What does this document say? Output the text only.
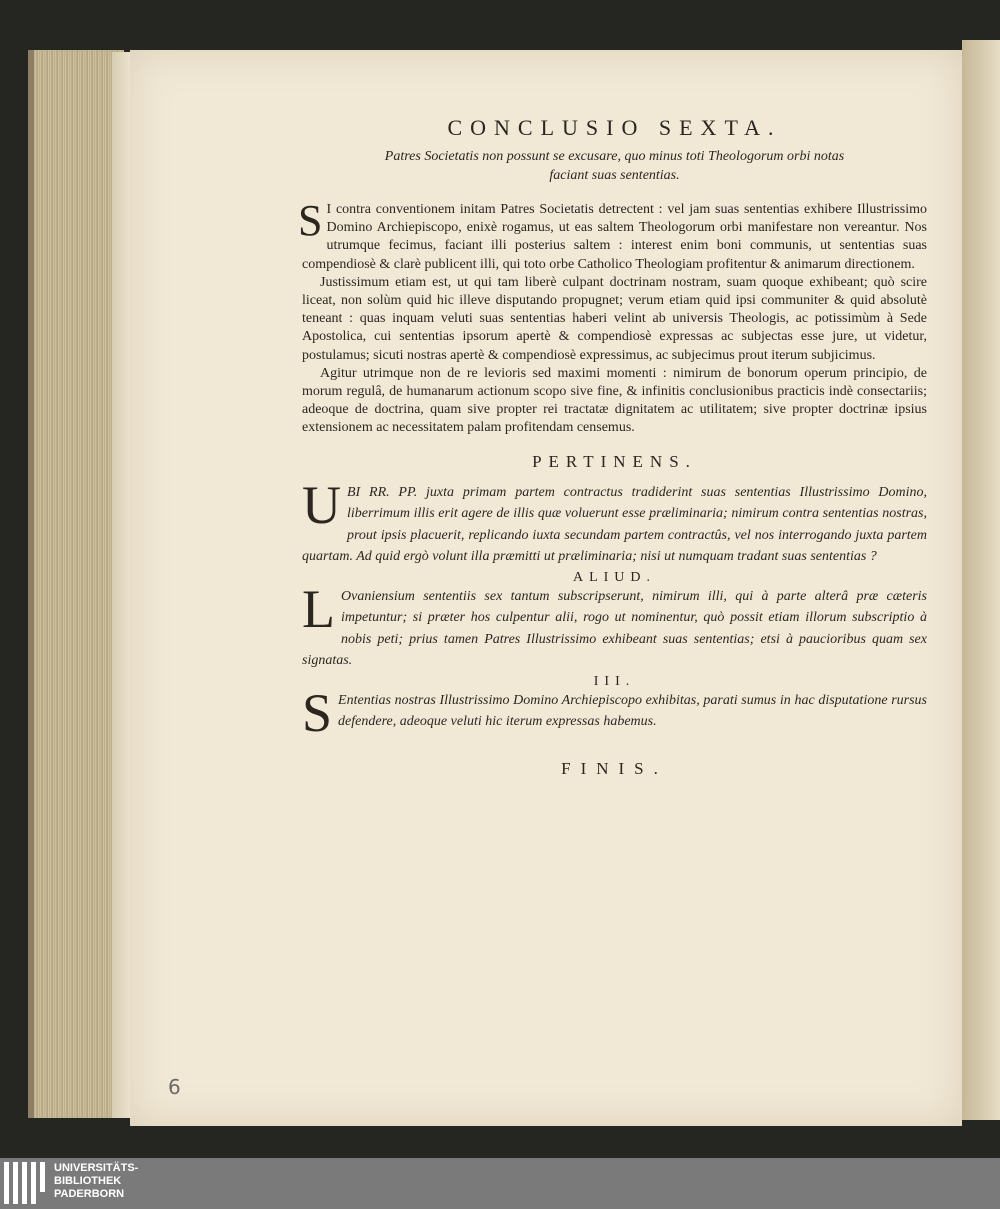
CONCLUSIO SEXTA.
Patres Societatis non possunt se excusare, quo minus toti Theologorum orbi notas
faciant suas sententias.

S I contra conventionem initam Patres Societatis detrectent : vel jam suas sententias exhibere Illustrissimo Domino Archiepiscopo, enixè rogamus, ut eas saltem Theologorum orbi manifestare non vereantur. Nos utrumque fecimus, faciant illi posterius saltem : interest enim boni communis, ut sententias suas compendiosè & clarè publicent illi, qui toto orbe Catholico Theologiam profitentur & animarum directionem.

Justissimum etiam est, ut qui tam liberè culpant doctrinam nostram, suam quoque exhibeant; quò scire liceat, non solùm quid hic illeve disputando propugnet; verum etiam quid ipsi communiter & quid absolutè teneant : quas inquam veluti suas sententias haberi velint ab universis Theologis, ac potissimùm à Sede Apostolica, cui sententias ipsorum apertè & compendiosè expressas ac subjectas esse jure, ut videtur, postulamus; sicuti nostras apertè & compendiosè expressimus, ac subjecimus prout iterum subjicimus.

Agitur utrimque non de re levioris sed maximi momenti : nimirum de bonorum operum principio, de morum regulâ, de humanarum actionum scopo sive fine, & infinitis conclusionibus practicis indè consectariis; adeoque de doctrina, quam sive propter rei tractatæ dignitatem ac utilitatem; sive propter doctrinæ ipsius extensionem ac necessitatem palam profitendam censemus.

PERTINENS.

U BI RR. PP. juxta primam partem contractus tradiderint suas sententias Illustrissimo Domino, liberrimum illis erit agere de illis quæ voluerunt esse præliminaria; nimirum contra sententias nostras, prout ipsis placuerit, replicando iuxta secundam partem contractûs, vel nos interrogando juxta partem quartam. Ad quid ergò volunt illa præmitti ut præliminaria; nisi ut numquam tradant suas sententias ?

ALIUD.

L Ovaniensium sententiis sex tantum subscripserunt, nimirum illi, qui à parte alterâ præ cæteris impetuntur; si præter hos culpentur alii, rogo ut nominentur, quò possit etiam illorum subscriptio à nobis peti; prius tamen Patres Illustrissimo exhibeant suas sententias; etsi à paucioribus quam sex signatas.

III.

S Ententias nostras Illustrissimo Domino Archiepiscopo exhibitas, parati sumus in hac disputatione rursus defendere, adeoque veluti hic iterum expressas habemus.

FINIS.
6
UNIVERSITÄTS-
BIBLIOTHEK
PADERBORN
